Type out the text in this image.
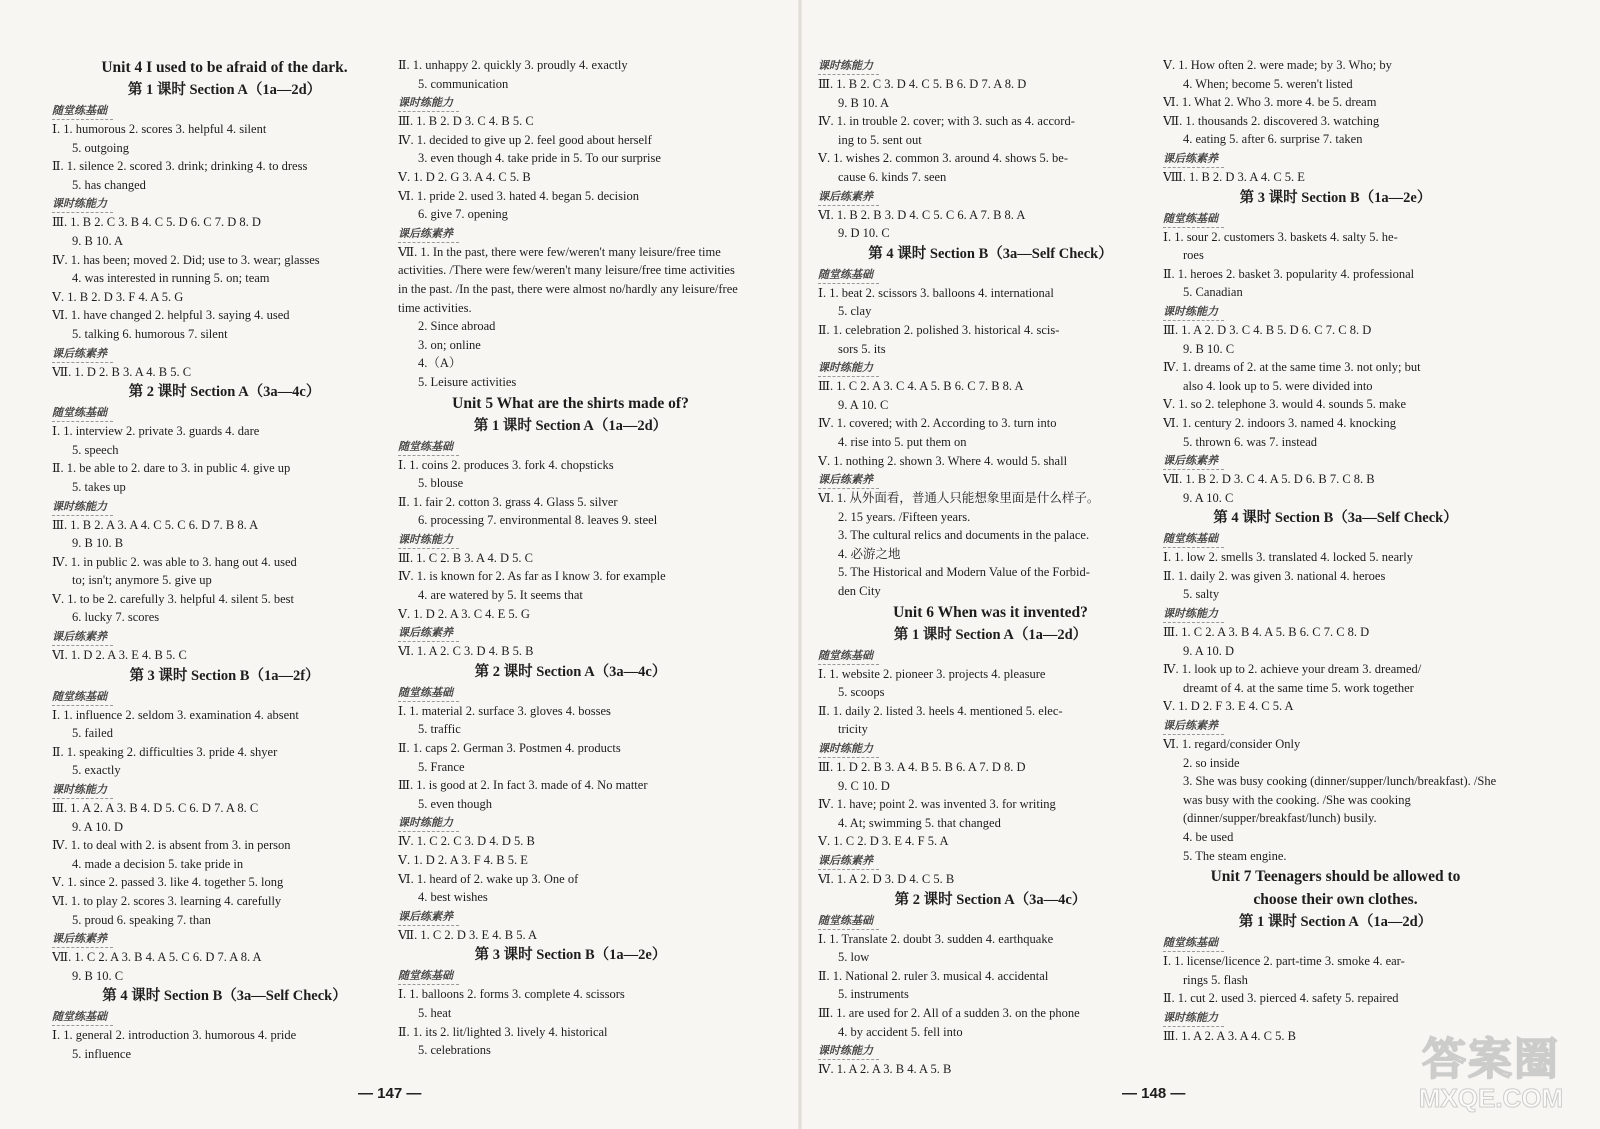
Unit 4 I used to be afraid of the dark.

第 1 课时 Section A（1a—2d）

随堂练基础

Ⅰ. 1. humorous 2. scores 3. helpful 4. silent

5. outgoing

Ⅱ. 1. silence 2. scored 3. drink; drinking 4. to dress

5. has changed

课时练能力

Ⅲ. 1. B 2. C 3. B 4. C 5. D 6. C 7. D 8. D

9. B 10. A

Ⅳ. 1. has been; moved 2. Did; use to 3. wear; glasses

4. was interested in running 5. on; team

Ⅴ. 1. B 2. D 3. F 4. A 5. G

Ⅵ. 1. have changed 2. helpful 3. saying 4. used

5. talking 6. humorous 7. silent

课后练素养

Ⅶ. 1. D 2. B 3. A 4. B 5. C

第 2 课时 Section A（3a—4c）

随堂练基础

Ⅰ. 1. interview 2. private 3. guards 4. dare

5. speech

Ⅱ. 1. be able to 2. dare to 3. in public 4. give up

5. takes up

课时练能力

Ⅲ. 1. B 2. A 3. A 4. C 5. C 6. D 7. B 8. A

9. B 10. B

Ⅳ. 1. in public 2. was able to 3. hang out 4. used

to; isn't; anymore 5. give up

Ⅴ. 1. to be 2. carefully 3. helpful 4. silent 5. best

6. lucky 7. scores

课后练素养

Ⅵ. 1. D 2. A 3. E 4. B 5. C

第 3 课时 Section B（1a—2f）

随堂练基础

Ⅰ. 1. influence 2. seldom 3. examination 4. absent

5. failed

Ⅱ. 1. speaking 2. difficulties 3. pride 4. shyer

5. exactly

课时练能力

Ⅲ. 1. A 2. A 3. B 4. D 5. C 6. D 7. A 8. C

9. A 10. D

Ⅳ. 1. to deal with 2. is absent from 3. in person

4. made a decision 5. take pride in

Ⅴ. 1. since 2. passed 3. like 4. together 5. long

Ⅵ. 1. to play 2. scores 3. learning 4. carefully

5. proud 6. speaking 7. than

课后练素养

Ⅶ. 1. C 2. A 3. B 4. A 5. C 6. D 7. A 8. A

9. B 10. C

第 4 课时 Section B（3a—Self Check）

随堂练基础

Ⅰ. 1. general 2. introduction 3. humorous 4. pride

5. influence

Ⅱ. 1. unhappy 2. quickly 3. proudly 4. exactly

5. communication

课时练能力

Ⅲ. 1. B 2. D 3. C 4. B 5. C

Ⅳ. 1. decided to give up 2. feel good about herself

3. even though 4. take pride in 5. To our surprise

Ⅴ. 1. D 2. G 3. A 4. C 5. B

Ⅵ. 1. pride 2. used 3. hated 4. began 5. decision

6. give 7. opening

课后练素养

Ⅶ. 1. In the past, there were few/weren't many leisure/free time activities. /There were few/weren't many leisure/free time activities in the past. /In the past, there were almost no/hardly any leisure/free time activities.

2. Since abroad

3. on; online

4.（A）

5. Leisure activities

Unit 5 What are the shirts made of?

第 1 课时 Section A（1a—2d）

随堂练基础

Ⅰ. 1. coins 2. produces 3. fork 4. chopsticks

5. blouse

Ⅱ. 1. fair 2. cotton 3. grass 4. Glass 5. silver

6. processing 7. environmental 8. leaves 9. steel

课时练能力

Ⅲ. 1. C 2. B 3. A 4. D 5. C

Ⅳ. 1. is known for 2. As far as I know 3. for example

4. are watered by 5. It seems that

Ⅴ. 1. D 2. A 3. C 4. E 5. G

课后练素养

Ⅵ. 1. A 2. C 3. D 4. B 5. B

第 2 课时 Section A（3a—4c）

随堂练基础

Ⅰ. 1. material 2. surface 3. gloves 4. bosses

5. traffic

Ⅱ. 1. caps 2. German 3. Postmen 4. products

5. France

Ⅲ. 1. is good at 2. In fact 3. made of 4. No matter

5. even though

课时练能力

Ⅳ. 1. C 2. C 3. D 4. D 5. B

Ⅴ. 1. D 2. A 3. F 4. B 5. E

Ⅵ. 1. heard of 2. wake up 3. One of

4. best wishes

课后练素养

Ⅶ. 1. C 2. D 3. E 4. B 5. A

第 3 课时 Section B（1a—2e）

随堂练基础

Ⅰ. 1. balloons 2. forms 3. complete 4. scissors

5. heat

Ⅱ. 1. its 2. lit/lighted 3. lively 4. historical

5. celebrations

课时练能力

Ⅲ. 1. B 2. C 3. D 4. C 5. B 6. D 7. A 8. D

9. B 10. A

Ⅳ. 1. in trouble 2. cover; with 3. such as 4. accord-

ing to 5. sent out

Ⅴ. 1. wishes 2. common 3. around 4. shows 5. be-

cause 6. kinds 7. seen

课后练素养

Ⅵ. 1. B 2. B 3. D 4. C 5. C 6. A 7. B 8. A

9. D 10. C

第 4 课时 Section B（3a—Self Check）

随堂练基础

Ⅰ. 1. beat 2. scissors 3. balloons 4. international

5. clay

Ⅱ. 1. celebration 2. polished 3. historical 4. scis-

sors 5. its

课时练能力

Ⅲ. 1. C 2. A 3. C 4. A 5. B 6. C 7. B 8. A

9. A 10. C

Ⅳ. 1. covered; with 2. According to 3. turn into

4. rise into 5. put them on

Ⅴ. 1. nothing 2. shown 3. Where 4. would 5. shall

课后练素养

Ⅵ. 1. 从外面看，普通人只能想象里面是什么样子。

2. 15 years. /Fifteen years.

3. The cultural relics and documents in the palace.

4. 必游之地

5. The Historical and Modern Value of the Forbid-

den City

Unit 6 When was it invented?

第 1 课时 Section A（1a—2d）

随堂练基础

Ⅰ. 1. website 2. pioneer 3. projects 4. pleasure

5. scoops

Ⅱ. 1. daily 2. listed 3. heels 4. mentioned 5. elec-

tricity

课时练能力

Ⅲ. 1. D 2. B 3. A 4. B 5. B 6. A 7. D 8. D

9. C 10. D

Ⅳ. 1. have; point 2. was invented 3. for writing

4. At; swimming 5. that changed

Ⅴ. 1. C 2. D 3. E 4. F 5. A

课后练素养

Ⅵ. 1. A 2. D 3. D 4. C 5. B

第 2 课时 Section A（3a—4c）

随堂练基础

Ⅰ. 1. Translate 2. doubt 3. sudden 4. earthquake

5. low

Ⅱ. 1. National 2. ruler 3. musical 4. accidental

5. instruments

Ⅲ. 1. are used for 2. All of a sudden 3. on the phone

4. by accident 5. fell into

课时练能力

Ⅳ. 1. A 2. A 3. B 4. A 5. B

Ⅴ. 1. How often 2. were made; by 3. Who; by

4. When; become 5. weren't listed

Ⅵ. 1. What 2. Who 3. more 4. be 5. dream

Ⅶ. 1. thousands 2. discovered 3. watching

4. eating 5. after 6. surprise 7. taken

课后练素养

Ⅷ. 1. B 2. D 3. A 4. C 5. E

第 3 课时 Section B（1a—2e）

随堂练基础

Ⅰ. 1. sour 2. customers 3. baskets 4. salty 5. he-

roes

Ⅱ. 1. heroes 2. basket 3. popularity 4. professional

5. Canadian

课时练能力

Ⅲ. 1. A 2. D 3. C 4. B 5. D 6. C 7. C 8. D

9. B 10. C

Ⅳ. 1. dreams of 2. at the same time 3. not only; but

also 4. look up to 5. were divided into

Ⅴ. 1. so 2. telephone 3. would 4. sounds 5. make

Ⅵ. 1. century 2. indoors 3. named 4. knocking

5. thrown 6. was 7. instead

课后练素养

Ⅶ. 1. B 2. D 3. C 4. A 5. D 6. B 7. C 8. B

9. A 10. C

第 4 课时 Section B（3a—Self Check）

随堂练基础

Ⅰ. 1. low 2. smells 3. translated 4. locked 5. nearly

Ⅱ. 1. daily 2. was given 3. national 4. heroes

5. salty

课时练能力

Ⅲ. 1. C 2. A 3. B 4. A 5. B 6. C 7. C 8. D

9. A 10. D

Ⅳ. 1. look up to 2. achieve your dream 3. dreamed/

dreamt of 4. at the same time 5. work together

Ⅴ. 1. D 2. F 3. E 4. C 5. A

课后练素养

Ⅵ. 1. regard/consider Only

2. so inside

3. She was busy cooking (dinner/supper/lunch/breakfast). /She was busy with the cooking. /She was cooking (dinner/supper/breakfast/lunch) busily.

4. be used

5. The steam engine.

Unit 7 Teenagers should be allowed to

choose their own clothes.

第 1 课时 Section A（1a—2d）

随堂练基础

Ⅰ. 1. license/licence 2. part-time 3. smoke 4. ear-

rings 5. flash

Ⅱ. 1. cut 2. used 3. pierced 4. safety 5. repaired

课时练能力

Ⅲ. 1. A 2. A 3. A 4. C 5. B

— 147 —	— 148 —
答案圈
MXQE.COM
